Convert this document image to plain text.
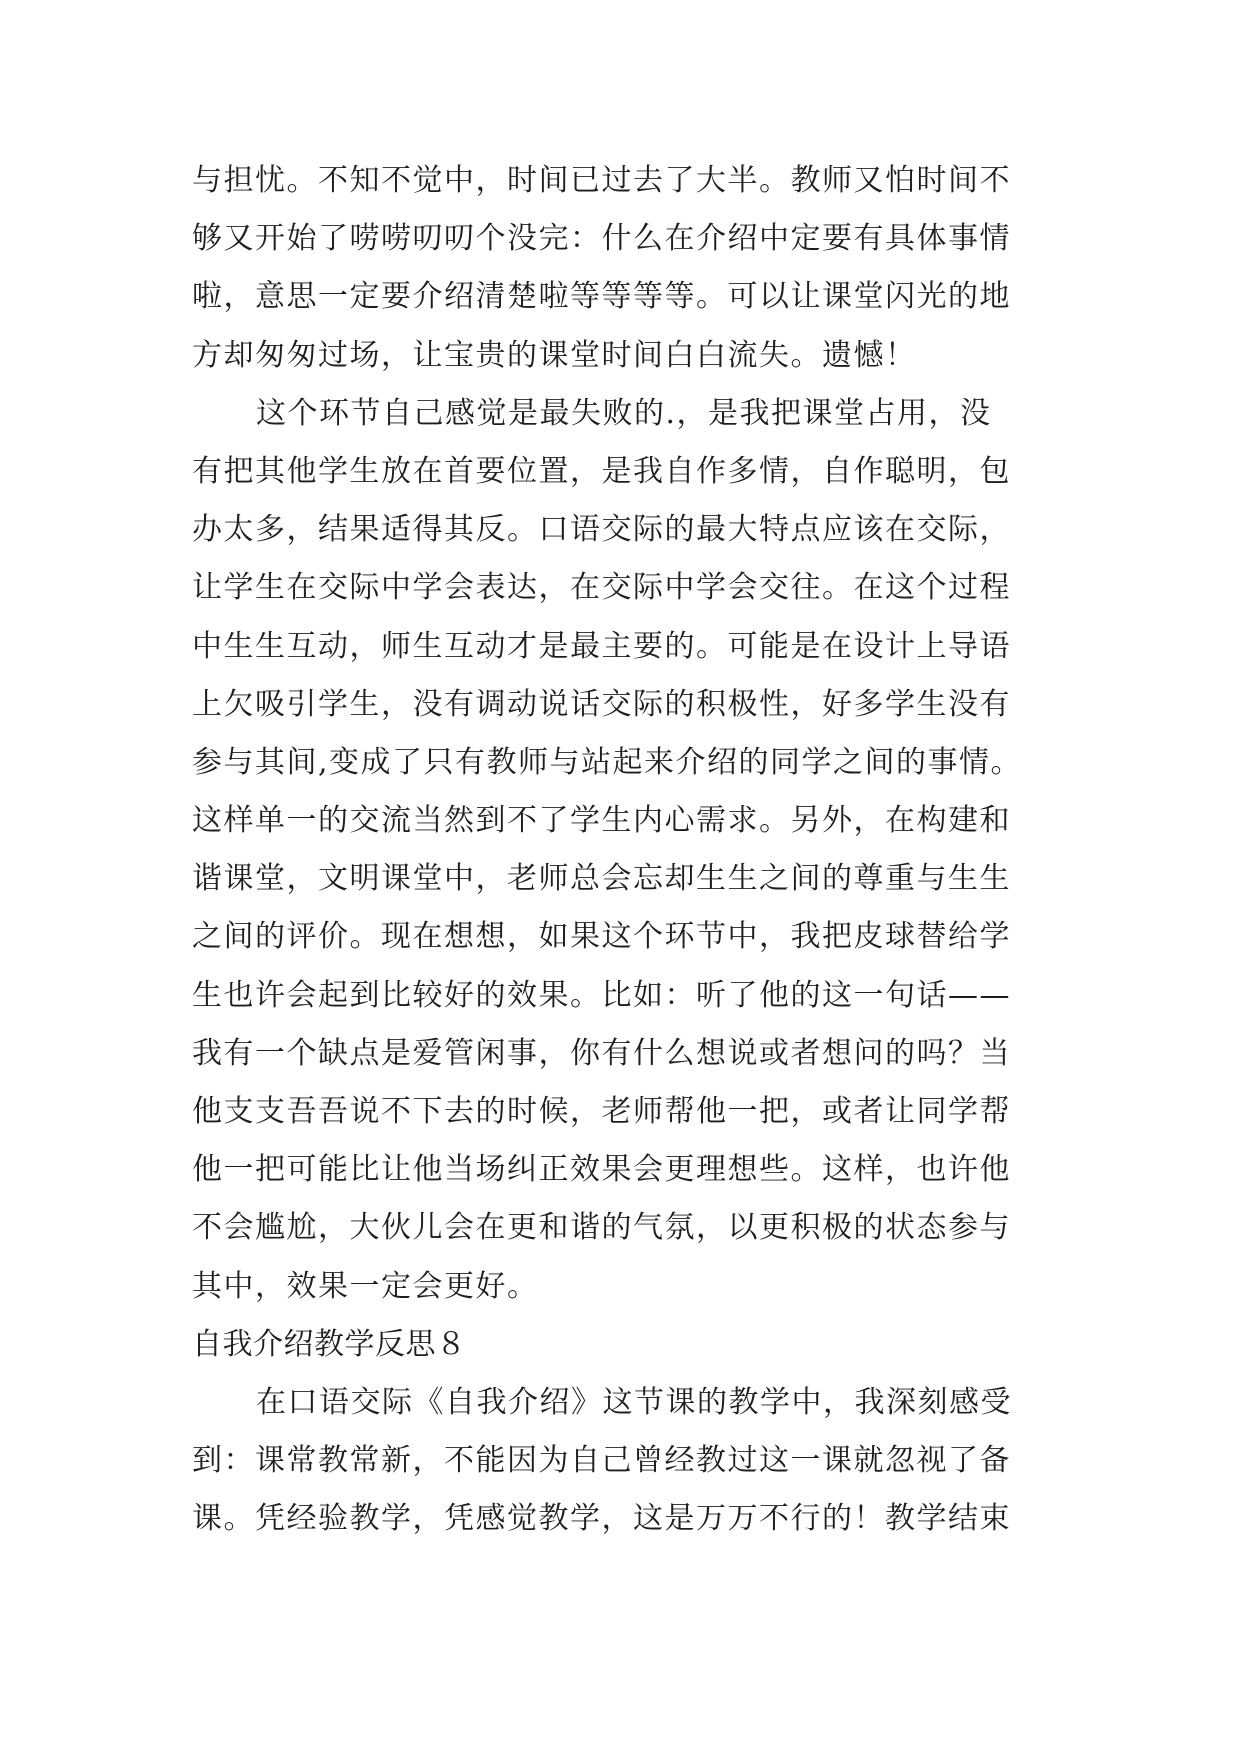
与担忧。不知不觉中，时间已过去了大半。教师又怕时间不
够又开始了唠唠叨叨个没完：什么在介绍中定要有具体事情
啦，意思一定要介绍清楚啦等等等等。可以让课堂闪光的地
方却匆匆过场，让宝贵的课堂时间白白流失。遗憾！
这个环节自己感觉是最失败的.，是我把课堂占用，没
有把其他学生放在首要位置，是我自作多情，自作聪明，包
办太多，结果适得其反。口语交际的最大特点应该在交际，
让学生在交际中学会表达，在交际中学会交往。在这个过程
中生生互动，师生互动才是最主要的。可能是在设计上导语
上欠吸引学生，没有调动说话交际的积极性，好多学生没有
参与其间,变成了只有教师与站起来介绍的同学之间的事情。
这样单一的交流当然到不了学生内心需求。另外，在构建和
谐课堂，文明课堂中，老师总会忘却生生之间的尊重与生生
之间的评价。现在想想，如果这个环节中，我把皮球替给学
生也许会起到比较好的效果。比如：听了他的这一句话——
我有一个缺点是爱管闲事，你有什么想说或者想问的吗？当
他支支吾吾说不下去的时候，老师帮他一把，或者让同学帮
他一把可能比让他当场纠正效果会更理想些。这样，也许他
不会尴尬，大伙儿会在更和谐的气氛，以更积极的状态参与
其中，效果一定会更好。
自我介绍教学反思８
在口语交际《自我介绍》这节课的教学中，我深刻感受
到：课常教常新，不能因为自己曾经教过这一课就忽视了备
课。凭经验教学，凭感觉教学，这是万万不行的！教学结束
